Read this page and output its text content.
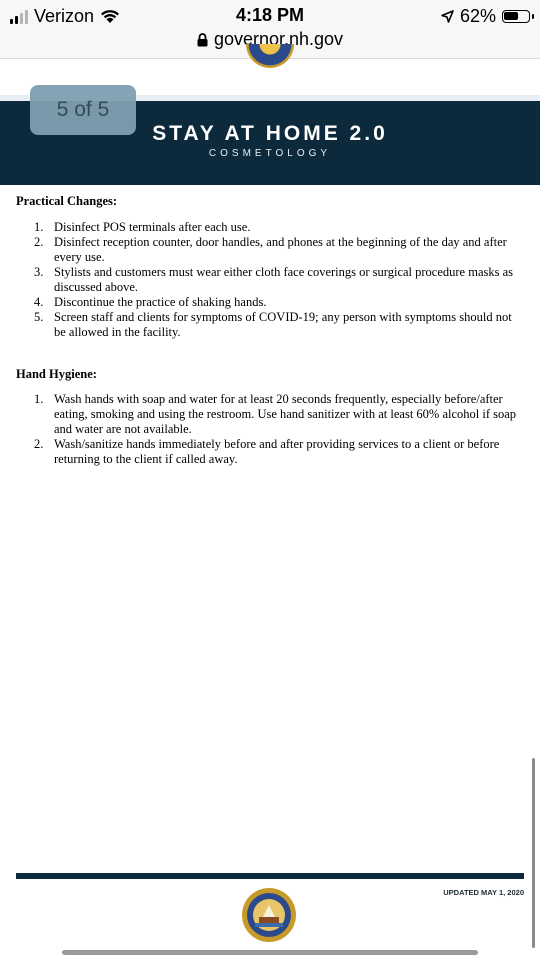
Verizon	4:18 PM
governor.nh.gov
62%
STAY AT HOME 2.0
COSMETOLOGY
5 of 5
Practical Changes:
1. Disinfect POS terminals after each use.
2. Disinfect reception counter, door handles, and phones at the beginning of the day and after every use.
3. Stylists and customers must wear either cloth face coverings or surgical procedure masks as discussed above.
4. Discontinue the practice of shaking hands.
5. Screen staff and clients for symptoms of COVID-19; any person with symptoms should not be allowed in the facility.
Hand Hygiene:
1. Wash hands with soap and water for at least 20 seconds frequently, especially before/after eating, smoking and using the restroom. Use hand sanitizer with at least 60% alcohol if soap and water are not available.
2. Wash/sanitize hands immediately before and after providing services to a client or before returning to the client if called away.
UPDATED MAY 1, 2020
